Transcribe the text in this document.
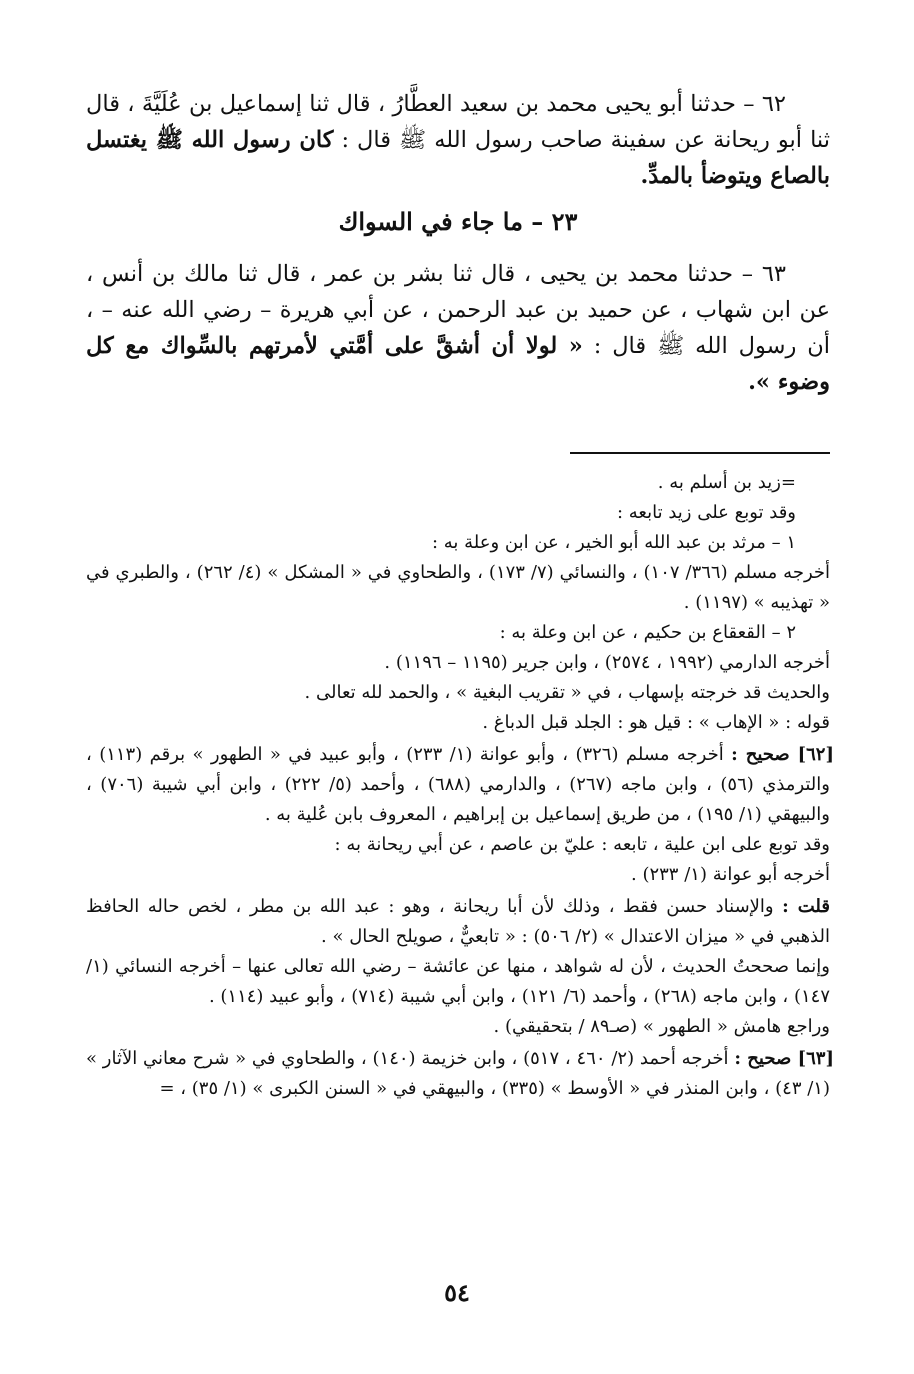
٦٢ – حدثنا أبو يحيى محمد بن سعيد العطَّارُ ، قال ثنا إسماعيل بن عُلَيَّةَ ، قال ثنا أبو ريحانة عن سفينة صاحب رسول الله ﷺ قال : كان رسول الله ﷺ يغتسل بالصاع ويتوضأ بالمدِّ.

٢٣ – ما جاء في السواك

٦٣ – حدثنا محمد بن يحيى ، قال ثنا بشر بن عمر ، قال ثنا مالك بن أنس ، عن ابن شهاب ، عن حميد بن عبد الرحمن ، عن أبي هريرة – رضي الله عنه – ، أن رسول الله ﷺ قال : « لولا أن أشقَّ على أمَّتي لأمرتهم بالسِّواك مع كل وضوء ».

=زيد بن أسلم به .

وقد توبع على زيد تابعه :

١ – مرثد بن عبد الله أبو الخير ، عن ابن وعلة به :

أخرجه مسلم (٣٦٦/ ١٠٧) ، والنسائي (٧/ ١٧٣) ، والطحاوي في « المشكل » (٤/ ٢٦٢) ، والطبري في « تهذيبه » (١١٩٧) .

٢ – القعقاع بن حكيم ، عن ابن وعلة به :

أخرجه الدارمي (١٩٩٢ ، ٢٥٧٤) ، وابن جرير (١١٩٥ – ١١٩٦) .

والحديث قد خرجته بإسهاب ، في « تقريب البغية » ، والحمد لله تعالى .

قوله : « الإهاب » : قيل هو : الجلد قبل الدباغ .

[٦٢] صحيح : أخرجه مسلم (٣٢٦) ، وأبو عوانة (١/ ٢٣٣) ، وأبو عبيد في « الطهور » برقم (١١٣) ، والترمذي (٥٦) ، وابن ماجه (٢٦٧) ، والدارمي (٦٨٨) ، وأحمد (٥/ ٢٢٢) ، وابن أبي شيبة (٧٠٦) ، والبيهقي (١/ ١٩٥) ، من طريق إسماعيل بن إبراهيم ، المعروف بابن عُلية به .

وقد توبع على ابن علية ، تابعه : عليّ بن عاصم ، عن أبي ريحانة به :

أخرجه أبو عوانة (١/ ٢٣٣) .

قلت : والإسناد حسن فقط ، وذلك لأن أبا ريحانة ، وهو : عبد الله بن مطر ، لخص حاله الحافظ الذهبي في « ميزان الاعتدال » (٢/ ٥٠٦) : « تابعيٌّ ، صويلح الحال » .

وإنما صححتُ الحديث ، لأن له شواهد ، منها عن عائشة – رضي الله تعالى عنها – أخرجه النسائي (١/ ١٤٧) ، وابن ماجه (٢٦٨) ، وأحمد (٦/ ١٢١) ، وابن أبي شيبة (٧١٤) ، وأبو عبيد (١١٤) .

وراجع هامش « الطهور » (صـ٨٩ / بتحقيقي) .

[٦٣] صحيح : أخرجه أحمد (٢/ ٤٦٠ ، ٥١٧) ، وابن خزيمة (١٤٠) ، والطحاوي في « شرح معاني الآثار » (١/ ٤٣) ، وابن المنذر في « الأوسط » (٣٣٥) ، والبيهقي في « السنن الكبرى » (١/ ٣٥) ، =

٥٤
